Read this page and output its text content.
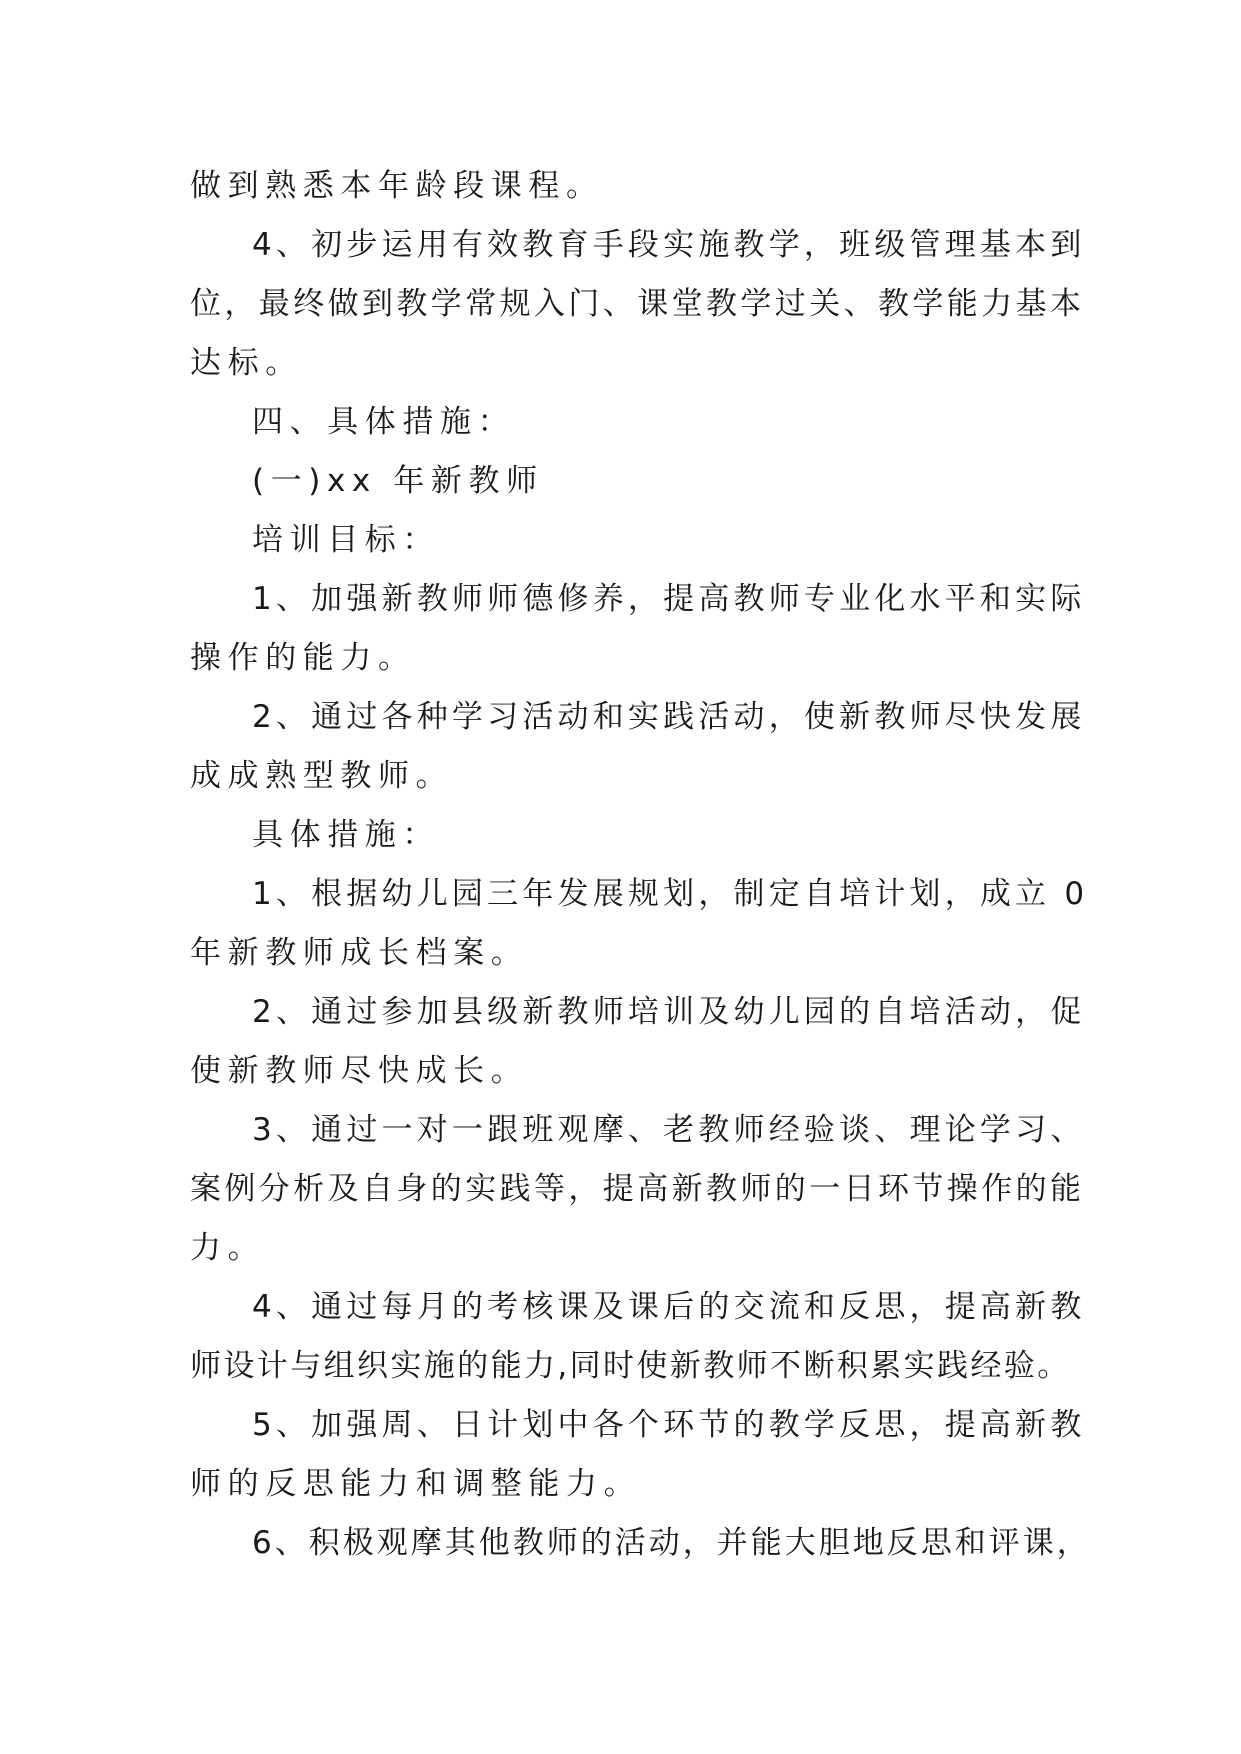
做到熟悉本年龄段课程。
4、初步运用有效教育手段实施教学，班级管理基本到
位，最终做到教学常规入门、课堂教学过关、教学能力基本
达标。
四、具体措施：
(一)xx 年新教师
培训目标：
1、加强新教师师德修养，提高教师专业化水平和实际
操作的能力。
2、通过各种学习活动和实践活动，使新教师尽快发展
成成熟型教师。
具体措施：
1、根据幼儿园三年发展规划，制定自培计划，成立 0
年新教师成长档案。
2、通过参加县级新教师培训及幼儿园的自培活动，促
使新教师尽快成长。
3、通过一对一跟班观摩、老教师经验谈、理论学习、
案例分析及自身的实践等，提高新教师的一日环节操作的能
力。
4、通过每月的考核课及课后的交流和反思，提高新教
师设计与组织实施的能力,同时使新教师不断积累实践经验。
5、加强周、日计划中各个环节的教学反思，提高新教
师的反思能力和调整能力。
6、积极观摩其他教师的活动，并能大胆地反思和评课，
